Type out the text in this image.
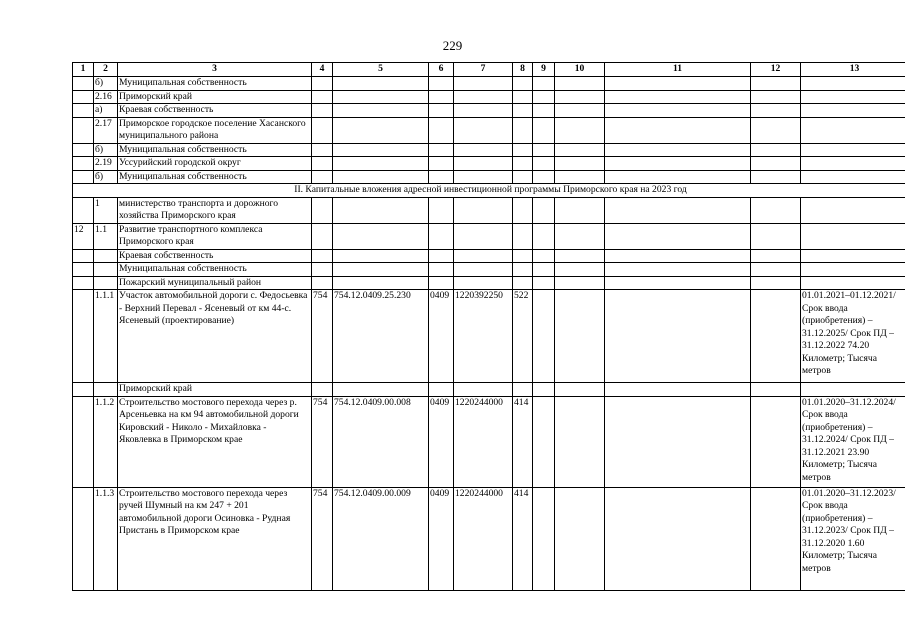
229
1	2	3	4	5	6	7	8	9	10	11	12	13
	б)	Муниципальная собственность										
	2.16	Приморский край										
	а)	Краевая собственность										
	2.17	Приморское городское поселение Хасанского муниципального района										
	б)	Муниципальная собственность										
	2.19	Уссурийский городской округ										
	б)	Муниципальная собственность										
II. Капитальные вложения адресной инвестиционной программы Приморского края на 2023 год												
	1	министерство транспорта и дорожного хозяйства Приморского края										
12	1.1	Развитие транспортного комплекса Приморского края										
		Краевая собственность										
		Муниципальная собственность										
		Пожарский муниципальный район										
	1.1.1	Участок автомобильной дороги с. Федосьевка - Верхний Перевал - Ясеневый от км 44-с. Ясеневый (проектирование)	754	754.12.0409.25.230	0409	1220392250	522					01.01.2021–01.12.2021/ Срок ввода (приобретения) – 31.12.2025/ Срок ПД – 31.12.2022 74.20 Километр; Тысяча метров
		Приморский край										
	1.1.2	Строительство мостового перехода через р. Арсеньевка на км 94 автомобильной дороги Кировский - Николо - Михайловка - Яковлевка в Приморском крае	754	754.12.0409.00.008	0409	1220244000	414					01.01.2020–31.12.2024/ Срок ввода (приобретения) – 31.12.2024/ Срок ПД – 31.12.2021 23.90 Километр; Тысяча метров
	1.1.3	Строительство мостового перехода через ручей Шумный на км 247 + 201 автомобильной дороги Осиновка - Рудная Пристань в Приморском крае	754	754.12.0409.00.009	0409	1220244000	414					01.01.2020–31.12.2023/ Срок ввода (приобретения) – 31.12.2023/ Срок ПД – 31.12.2020 1.60 Километр; Тысяча метров
